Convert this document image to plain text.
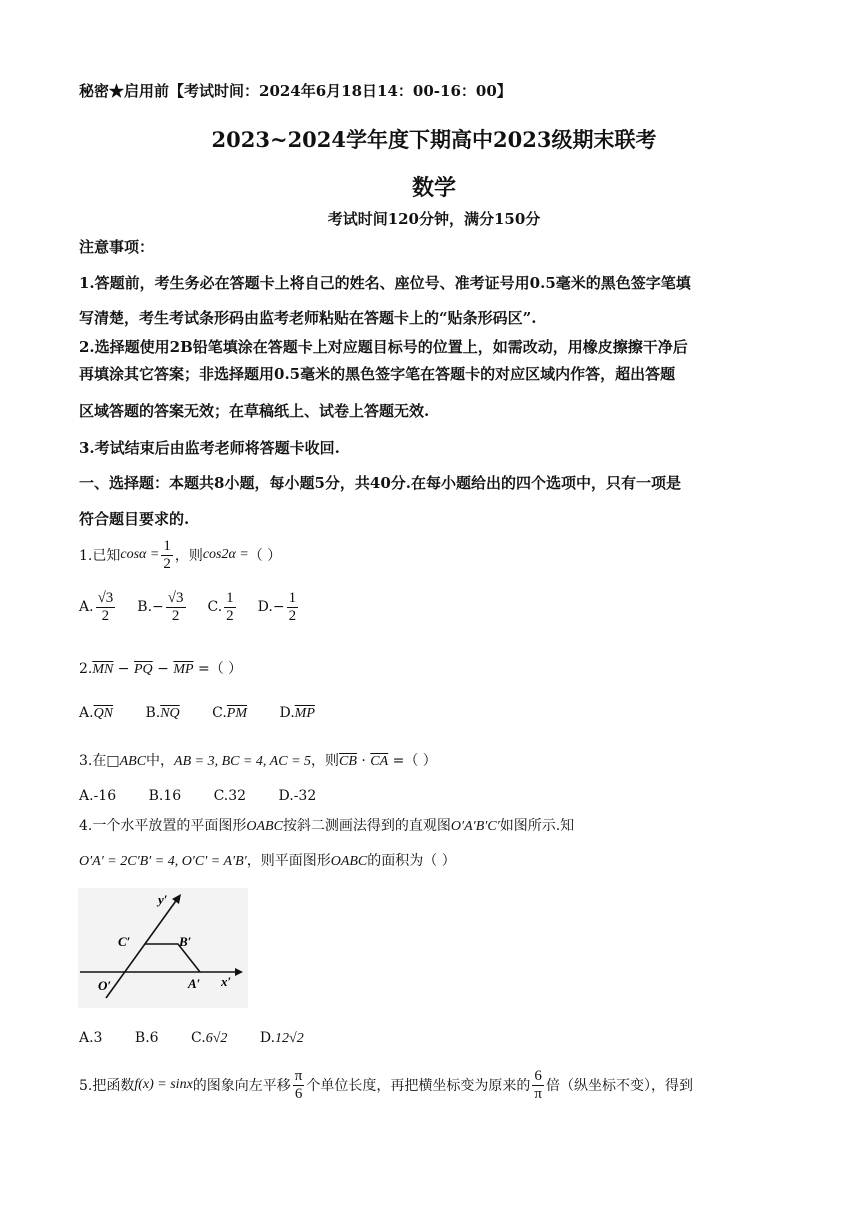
秘密★启用前【考试时间：2024年6月18日14：00-16：00】
2023~2024学年度下期高中2023级期末联考
数学
考试时间120分钟，满分150分
注意事项：
1.答题前，考生务必在答题卡上将自己的姓名、座位号、准考证号用0.5毫米的黑色签字笔填
写清楚，考生考试条形码由监考老师粘贴在答题卡上的“贴条形码区”.
2.选择题使用2B铅笔填涂在答题卡上对应题目标号的位置上，如需改动，用橡皮擦擦干净后
再填涂其它答案；非选择题用0.5毫米的黑色签字笔在答题卡的对应区域内作答，超出答题
区域答题的答案无效；在草稿纸上、试卷上答题无效.
3.考试结束后由监考老师将答题卡收回.
一、选择题：本题共8小题，每小题5分，共40分.在每小题给出的四个选项中，只有一项是
符合题目要求的.
1.已知 $\cos\alpha = \frac{1}{2}$ ，则 cos2α = （ ）
A. $\frac{√3}{2} B.- \frac{√3}{2} C$. $\frac{1}{2} D.- \frac{1}{2}$
$2.\overline{MN} - \overline{PQ} - \overline{MP}$ =（ ）
$A.\overline{QN}$ $B.\overline{NQ}$ $C.\overline{PM}$ $D.\overline{MP}$
3.在□ABC中，AB = 3, BC = 4, AC = 5，则$\overline{CB} \cdot \overline{CA}$ =（ ）
A.-16 B.16 C.32 D.-32
4.一个水平放置的平面图形OABC按斜二测画法得到的直观图O′A′B′C′如图所示.知
O′A′ = 2C′B′ = 4, O′C′ = A′B′，则平面图形OABC的面积为（ ）
y′
x′
O′	A′
B′
C′
A.3 B.6 C.6√2 D.12√2
5.把函数 f(x) = sinx 的图象向左平移 $\frac{\pi}{6}$ 个单位长度，再把横坐标变为原来的 $\frac{6}{\pi}$ 倍（纵坐标不变），得到
